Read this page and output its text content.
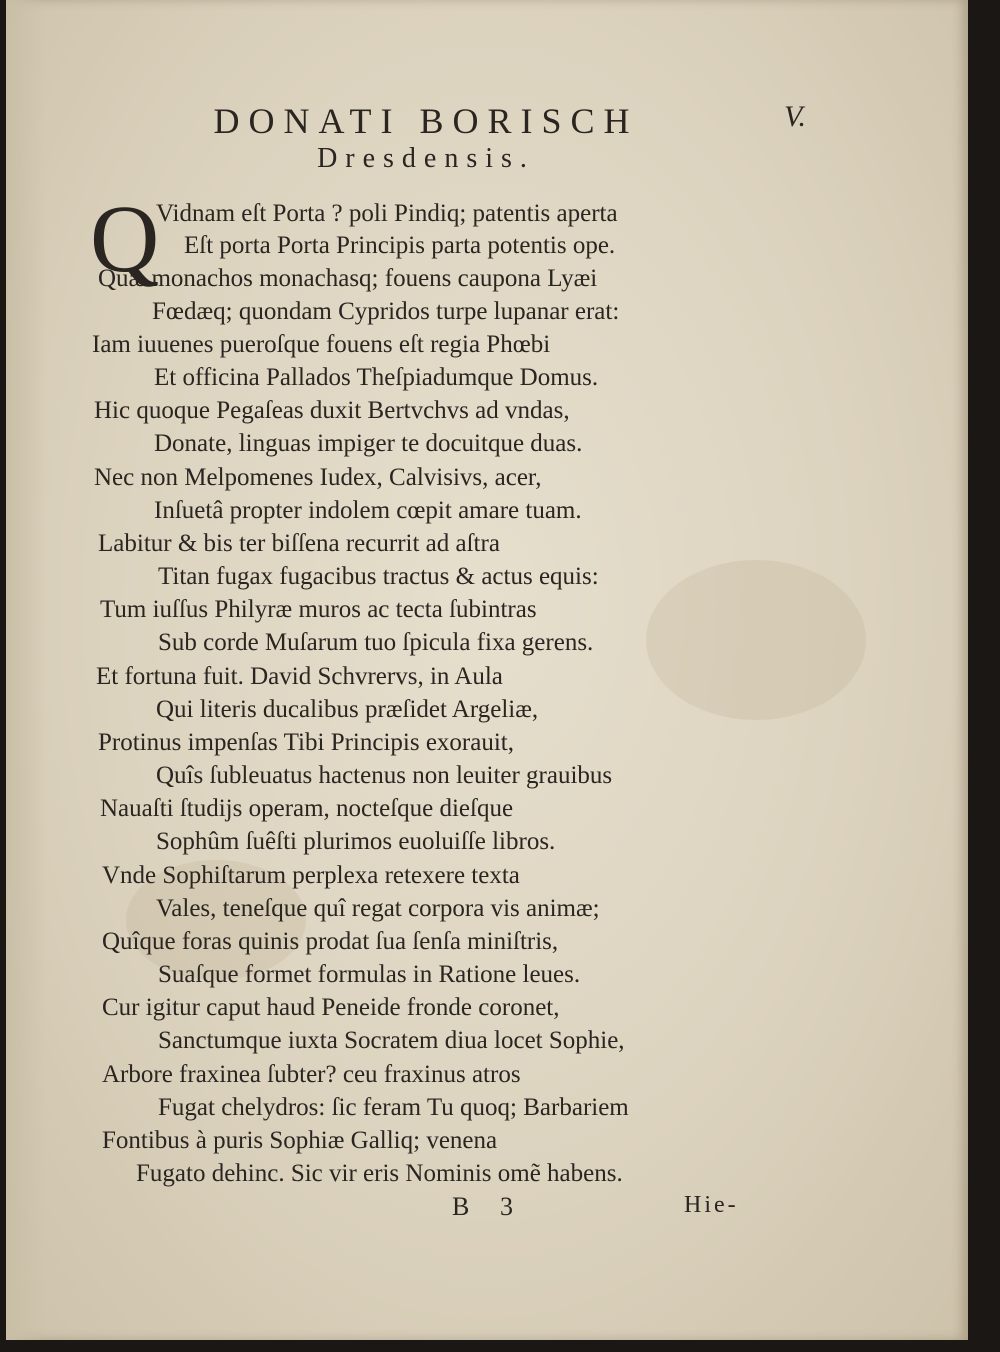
DONATI BORISCH
Dresdensis.
V.
Q
Vidnam eſt Porta ? poli Pindiq; patentis aperta
Eſt porta Porta Principis parta potentis ope.
Quæ monachos monachasq; fouens caupona Lyæi
Fœdæq; quondam Cypridos turpe lupanar erat:
Iam iuuenes pueroſque fouens eſt regia Phœbi
Et officina Pallados Theſpiadumque Domus.
Hic quoque Pegaſeas duxit Bertvchvs ad vndas,
Donate, linguas impiger te docuitque duas.
Nec non Melpomenes Iudex, Calvisivs, acer,
Inſuetâ propter indolem cœpit amare tuam.
Labitur & bis ter biſſena recurrit ad aſtra
Titan fugax fugacibus tractus & actus equis:
Tum iuſſus Philyræ muros ac tecta ſubintras
Sub corde Muſarum tuo ſpicula fixa gerens.
Et fortuna fuit. David Schvrervs, in Aula
Qui literis ducalibus præſidet Argeliæ,
Protinus impenſas Tibi Principis exorauit,
Quîs ſubleuatus hactenus non leuiter grauibus
Nauaſti ſtudijs operam, nocteſque dieſque
Sophûm ſuêſti plurimos euoluiſſe libros.
Vnde Sophiſtarum perplexa retexere texta
Vales, teneſque quî regat corpora vis animæ;
Quîque foras quinis prodat ſua ſenſa miniſtris,
Suaſque formet formulas in Ratione leues.
Cur igitur caput haud Peneide fronde coronet,
Sanctumque iuxta Socratem diua locet Sophie,
Arbore fraxinea ſubter? ceu fraxinus atros
Fugat chelydros: ſic feram Tu quoq; Barbariem
Fontibus à puris Sophiæ Galliq; venena
Fugato dehinc. Sic vir eris Nominis omẽ habens.
B 3	Hie-
